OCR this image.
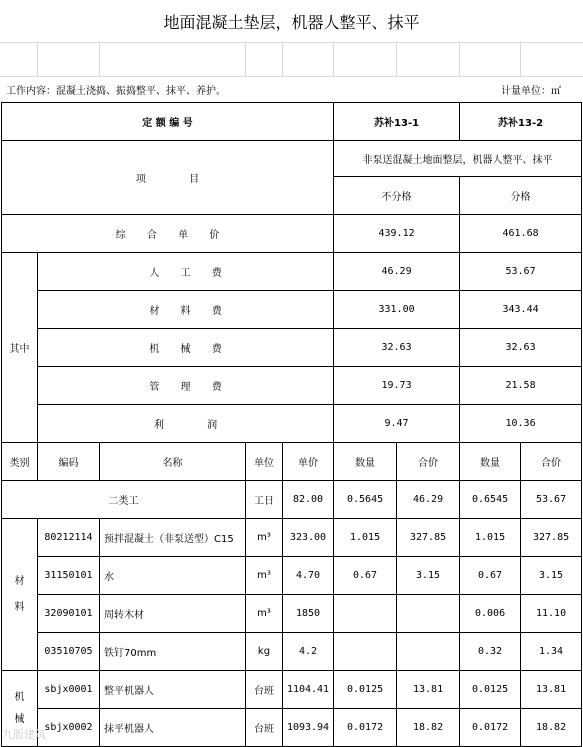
地面混凝土垫层，机器人整平、抹平
工作内容：混凝土浇捣、振捣整平、抹平、养护。	计量单位：㎡
定 额 编 号					苏补13-1		苏补13-2	
项 目					非泵送混凝土地面整层，机器人整平、抹平			
					不分格		分格	
综 合 单 价					439.12		461.68	
其中	人 工 费				46.29		53.67	
	材 料 费				331.00		343.44	
	机 械 费				32.63		32.63	
	管 理 费				19.73		21.58	
	利 润				9.47		10.36	
类别	编码	名称	单位	单价	数量	合价	数量	合价
二类工			工日	82.00	0.5645	46.29	0.6545	53.67
材料	80212114	预拌混凝土（非泵送型）C15	m³	323.00	1.015	327.85	1.015	327.85
	31150101	水	m³	4.70	0.67	3.15	0.67	3.15
	32090101	周转木材	m³	1850			0.006	11.10
	03510705	铁钉70mm	kg	4.2			0.32	1.34
机械	sbjx0001	整平机器人	台班	1104.41	0.0125	13.81	0.0125	13.81
	sbjx0002	抹平机器人	台班	1093.94	0.0172	18.82	0.0172	18.82
九版建筑
